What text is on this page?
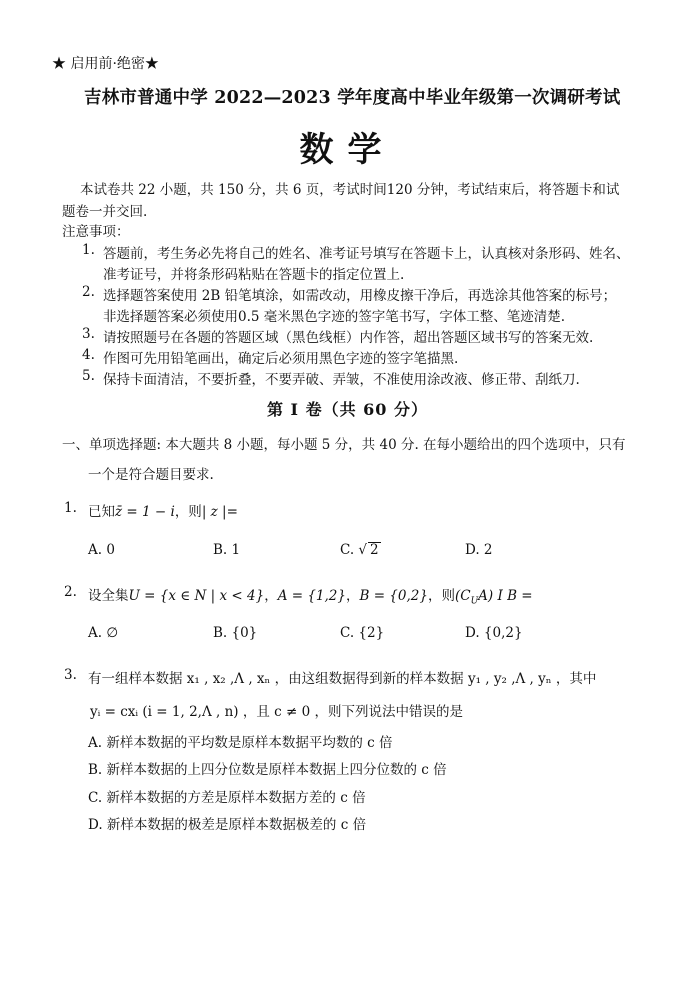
★ 启用前·绝密★
吉林市普通中学 2022—2023 学年度高中毕业年级第一次调研考试
数学
本试卷共 22 小题，共 150 分，共 6 页，考试时间120 分钟，考试结束后，将答题卡和试
题卷一并交回.
注意事项：
1. 答题前，考生务必先将自己的姓名、准考证号填写在答题卡上，认真核对条形码、姓名、
准考证号，并将条形码粘贴在答题卡的指定位置上.
2. 选择题答案使用 2B 铅笔填涂，如需改动，用橡皮擦干净后，再选涂其他答案的标号；
非选择题答案必须使用0.5 毫米黑色字迹的签字笔书写，字体工整、笔迹清楚.
3. 请按照题号在各题的答题区域（黑色线框）内作答，超出答题区域书写的答案无效.
4. 作图可先用铅笔画出，确定后必须用黑色字迹的签字笔描黑.
5. 保持卡面清洁，不要折叠，不要弄破、弄皱，不准使用涂改液、修正带、刮纸刀.
第 I 卷（共 60 分）
一、单项选择题: 本大题共 8 小题，每小题 5 分，共 40 分. 在每小题给出的四个选项中，只有
一个是符合题目要求.
1. 已知z̄ = 1 − i，则| z |=
A. 0	B. 1	C. √ 2	D. 2
2. 设全集U = {x ∈ N | x < 4}，A = {1,2}，B = {0,2}，则$(C_UA)$ I B =
A. ∅	B. {0}	C. {2}	D. {0,2}
3. 有一组样本数据 x₁ , x₂ ,Λ , xₙ ，由这组数据得到新的样本数据 y₁ , y₂ ,Λ , yₙ ，其中
yᵢ = cxᵢ (i = 1, 2,Λ , n) ，且 c ≠ 0 ，则下列说法中错误的是
A. 新样本数据的平均数是原样本数据平均数的 c 倍
B. 新样本数据的上四分位数是原样本数据上四分位数的 c 倍
C. 新样本数据的方差是原样本数据方差的 c 倍
D. 新样本数据的极差是原样本数据极差的 c 倍
